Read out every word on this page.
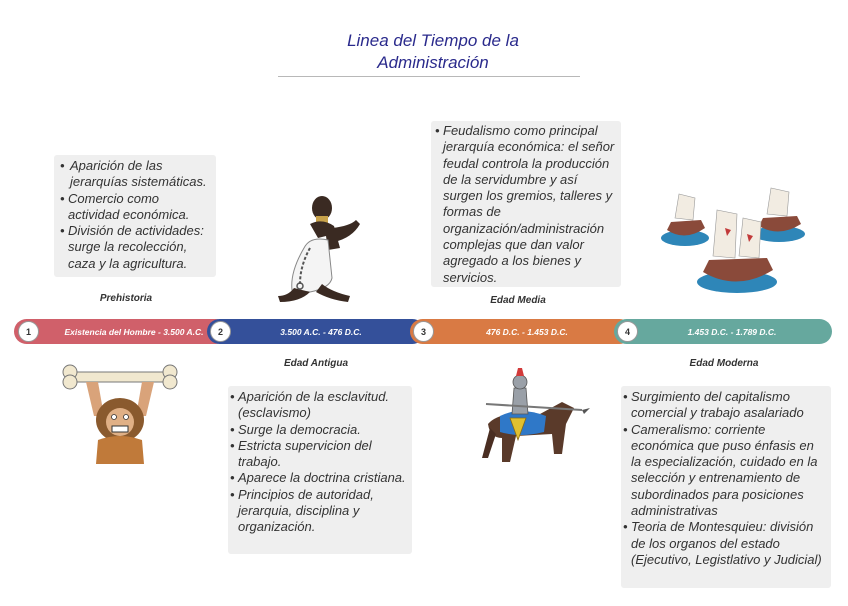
Linea del Tiempo de la
Administración
• Aparición de las jerarquías sistemáticas.
• Comercio como actividad económica.
• División de actividades: surge la recolección, caza y la agricultura.
• Feudalismo como principal jerarquía económica: el señor feudal controla la producción de la servidumbre y así surgen los gremios, talleres y formas de organización/administración complejas que dan valor agregado a los bienes y servicios.
• Aparición de la esclavitud.(esclavismo)
• Surge la democracia.
• Estricta supervicion del trabajo.
• Aparece la doctrina cristiana.
• Principios de autoridad, jerarquia, disciplina y organización.
• Surgimiento del capitalismo comercial y trabajo asalariado
• Cameralismo: corriente económica que puso énfasis en la especialización, cuidado en la selección y entrenamiento de subordinados para posiciones administrativas
• Teoria de Montesquieu: división de los organos del estado (Ejecutivo, Legistlativo y Judicial)
Prehistoria	Edad Media
Edad Antigua	Edad Moderna
Existencia del Hombre - 3.500 A.C.	3.500 A.C. - 476 D.C.	476 D.C. - 1.453 D.C.	1.453 D.C. - 1.789 D.C.
1	2	3	4
